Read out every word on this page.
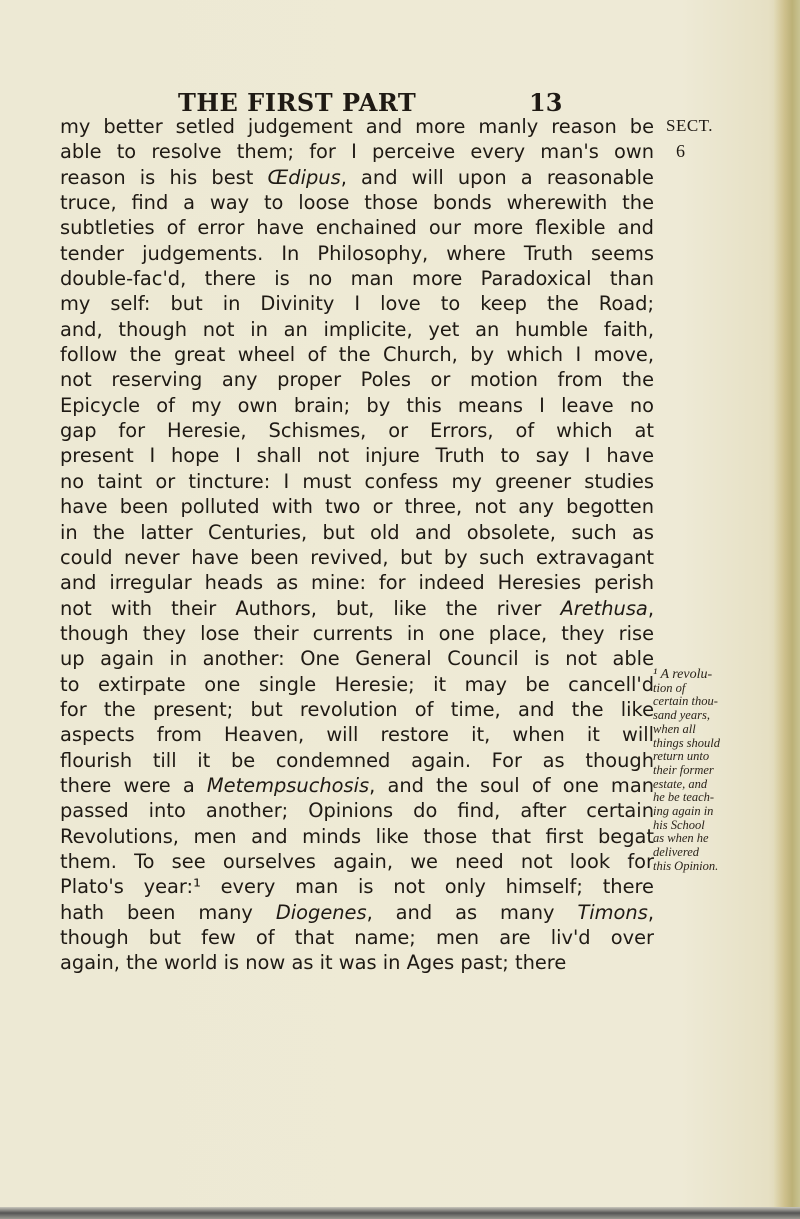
THE FIRST PART	13
SECT.
6
my better setled judgement and more manly reason be
able to resolve them; for I perceive every man's own
reason is his best Œdipus, and will upon a reasonable
truce, find a way to loose those bonds wherewith the
subtleties of error have enchained our more flexible and
tender judgements. In Philosophy, where Truth seems
double-fac'd, there is no man more Paradoxical than
my self: but in Divinity I love to keep the Road;
and, though not in an implicite, yet an humble faith,
follow the great wheel of the Church, by which I move,
not reserving any proper Poles or motion from the
Epicycle of my own brain; by this means I leave no
gap for Heresie, Schismes, or Errors, of which at
present I hope I shall not injure Truth to say I have
no taint or tincture: I must confess my greener studies
have been polluted with two or three, not any begotten
in the latter Centuries, but old and obsolete, such as
could never have been revived, but by such extravagant
and irregular heads as mine: for indeed Heresies perish
not with their Authors, but, like the river Arethusa,
though they lose their currents in one place, they rise
up again in another: One General Council is not able
to extirpate one single Heresie; it may be cancell'd
for the present; but revolution of time, and the like
aspects from Heaven, will restore it, when it will
flourish till it be condemned again. For as though
there were a Metempsuchosis, and the soul of one man
passed into another; Opinions do find, after certain
Revolutions, men and minds like those that first begat
them. To see ourselves again, we need not look for
Plato's year:¹ every man is not only himself; there
hath been many Diogenes, and as many Timons,
though but few of that name; men are liv'd over
again, the world is now as it was in Ages past; there
¹ A revolu-
tion of
certain thou-
sand years,
when all
things should
return unto
their former
estate, and
he be teach-
ing again in
his School
as when he
delivered
this Opinion.
